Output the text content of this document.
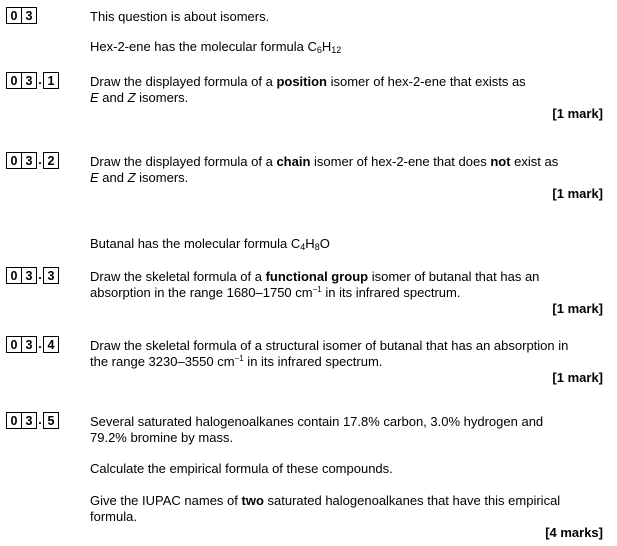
0 3	This question is about isomers.

Hex-2-ene has the molecular formula $C_6H_{12}$

0 3 . 1	Draw the displayed formula of a position isomer of hex-2-ene that exists as
E and Z isomers.

[1 mark]
0 3 . 2	Draw the displayed formula of a chain isomer of hex-2-ene that does not exist as
E and Z isomers.

[1 mark]

Butanal has the molecular formula $C_4H_8O$

0 3 . 3	Draw the skeletal formula of a functional group isomer of butanal that has an
absorption in the range 1680–1750 $cm^{-1}$ in its infrared spectrum.

[1 mark]
0 3 . 4	Draw the skeletal formula of a structural isomer of butanal that has an absorption in
the range 3230–3550 $cm^{-1}$ in its infrared spectrum.

[1 mark]
0 3 . 5	Several saturated halogenoalkanes contain 17.8% carbon, 3.0% hydrogen and
79.2% bromine by mass.

Calculate the empirical formula of these compounds.

Give the IUPAC names of two saturated halogenoalkanes that have this empirical
formula.

[4 marks]
